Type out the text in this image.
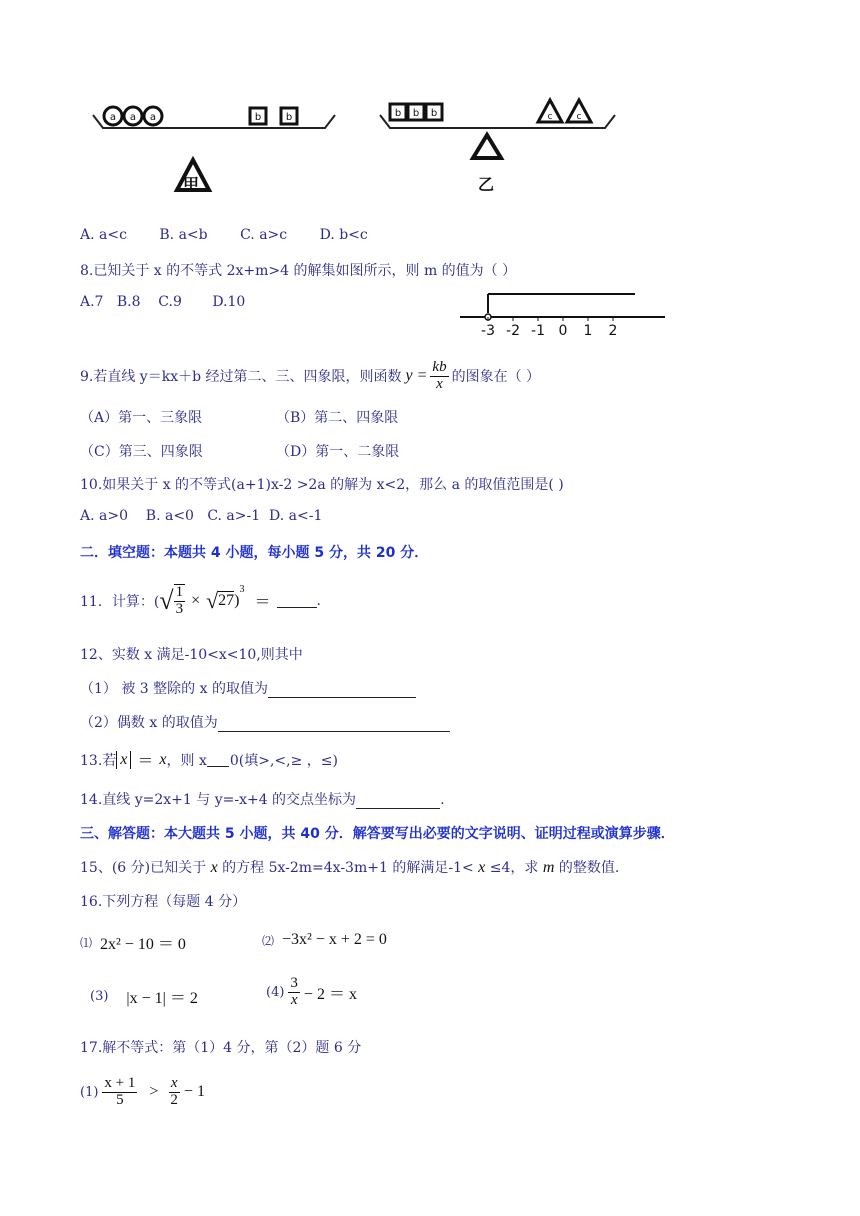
a a a	b b	b b b	c	c
甲	乙
A. a<c B. a<b C. a>c D. b<c
8.已知关于 x 的不等式 2x+m>4 的解集如图所示，则 m 的值为（ ）
A.7 B.8 C.9 D.10
-3 -2 -1 0 1 2
9.若直线 y＝kx＋b 经过第二、三、四象限，则函数 $y = \frac{kb}{x}$ 的图象在（ ）
（A）第一、三象限	（B）第二、四象限
（C）第三、四象限	（D）第一、二象限
10.如果关于 x 的不等式(a+1)x-2 >2a 的解为 x<2，那么 a 的取值范围是( )
A. a>0    B. a<0   C. a>-1  D. a<-1
二．填空题：本题共 4 小题，每小题 5 分，共 20 分．
11．计算：( √ $\frac{1}{3}$ × √ 27 )
$^3$
＝	.
12、实数 x 满足-10<x<10,则其中
（1） 被 3 整除的 x 的取值为
（2）偶数 x 的取值为
13.若 x ＝ x ，则 x 0(填>,<,≥ ，≤)
14.直线 y=2x+1 与 y=-x+4 的交点坐标为	.
三、解答题：本大题共 5 小题，共 40 分．解答要写出必要的文字说明、证明过程或演算步骤．
15、(6 分)已知关于 x 的方程 5x-2m=4x-3m+1 的解满足-1< x ≤4，求 m 的整数值.
16.下列方程（每题 4 分）
⑴ 2x² − 10 ＝ 0	⑵ −3x² − x + 2 = 0
(3) |x − 1| ＝ 2	$(4) \frac{3}{x} - 2 = x$
17.解不等式：第（1）4 分，第（2）题 6 分
$(1) \frac{x + 1}{5} > \frac{x}{2} - 1$
